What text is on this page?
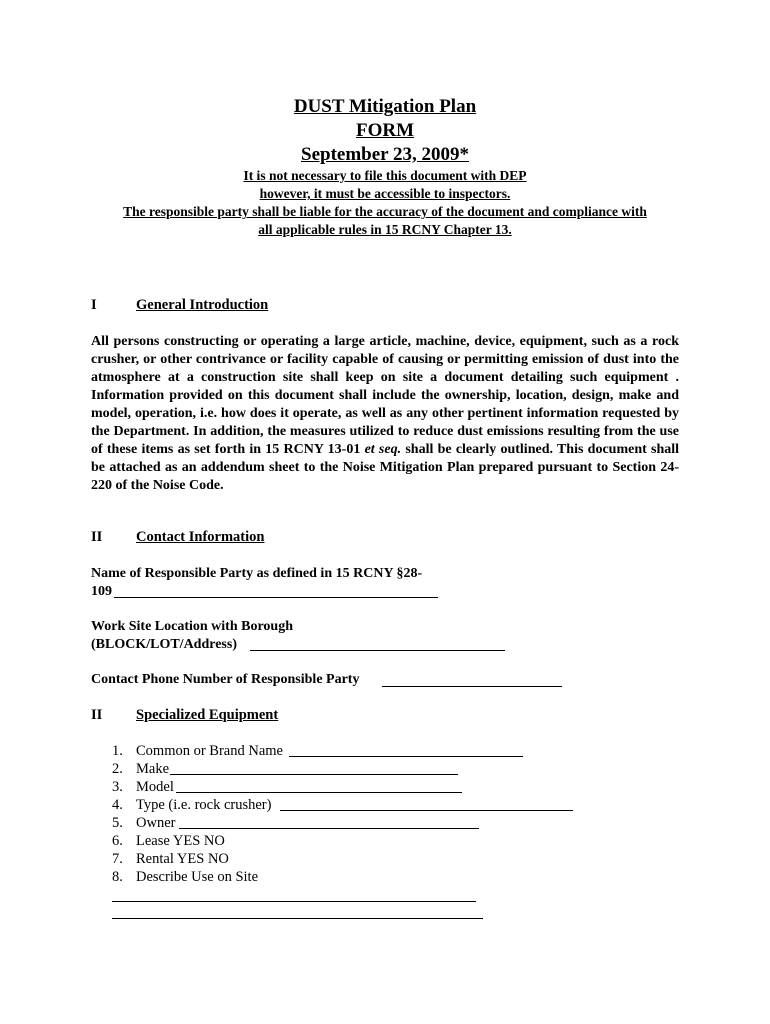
DUST Mitigation Plan
FORM
September 23, 2009*
It is not necessary to file this document with DEP
however, it must be accessible to inspectors.
The responsible party shall be liable for the accuracy of the document and compliance with
all applicable rules in 15 RCNY Chapter 13.
I	General Introduction
All persons constructing or operating a large article, machine, device, equipment, such as a rock crusher, or other contrivance or facility capable of causing or permitting emission of dust into the atmosphere at a construction site shall keep on site a document detailing such equipment . Information provided on this document shall include the ownership, location, design, make and model, operation, i.e. how does it operate, as well as any other pertinent information requested by the Department. In addition, the measures utilized to reduce dust emissions resulting from the use of these items as set forth in 15 RCNY 13-01 et seq. shall be clearly outlined. This document shall be attached as an addendum sheet to the Noise Mitigation Plan prepared pursuant to Section 24-220 of the Noise Code.
II Contact Information
Name of Responsible Party as defined in 15 RCNY §28-
109
Work Site Location with Borough
(BLOCK/LOT/Address)
Contact Phone Number of Responsible Party
II Specialized Equipment
1. Common or Brand Name
2. Make
3. Model
4. Type (i.e. rock crusher)
5. Owner
6. Lease YES NO
7. Rental YES NO
8. Describe Use on Site
